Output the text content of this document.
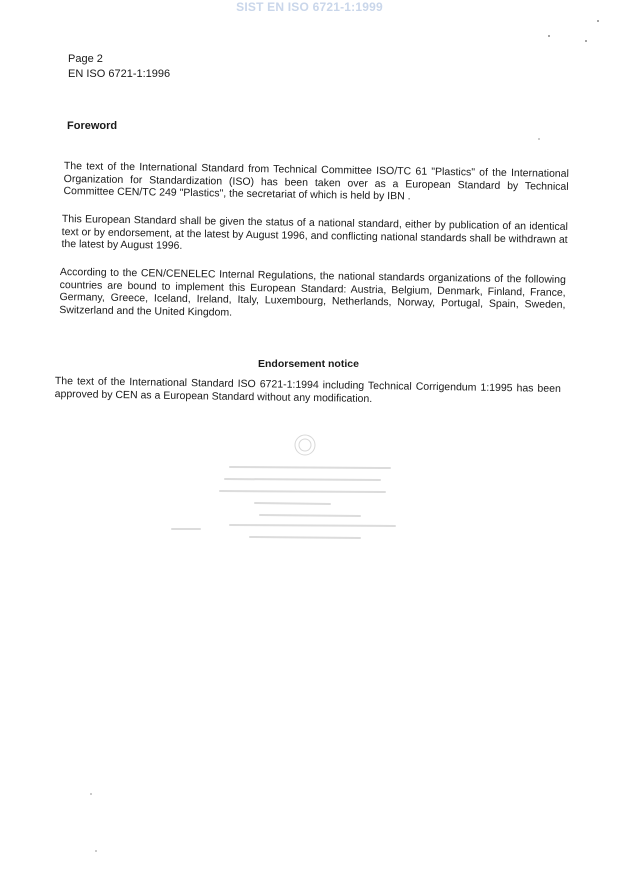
SIST EN ISO 6721-1:1999
Page 2
EN ISO 6721-1:1996
Foreword

The text of the International Standard from Technical Committee ISO/TC 61 "Plastics" of the International Organization for Standardization (ISO) has been taken over as a European Standard by Technical Committee CEN/TC 249 "Plastics", the secretariat of which is held by IBN .

This European Standard shall be given the status of a national standard, either by publication of an identical text or by endorsement, at the latest by August 1996, and conflicting national standards shall be withdrawn at the latest by August 1996.

According to the CEN/CENELEC Internal Regulations, the national standards organizations of the following countries are bound to implement this European Standard: Austria, Belgium, Denmark, Finland, France, Germany, Greece, Iceland, Ireland, Italy, Luxembourg, Netherlands, Norway, Portugal, Spain, Sweden, Switzerland and the United Kingdom.

Endorsement notice

The text of the International Standard ISO 6721-1:1994 including Technical Corrigendum 1:1995 has been approved by CEN as a European Standard without any modification.
